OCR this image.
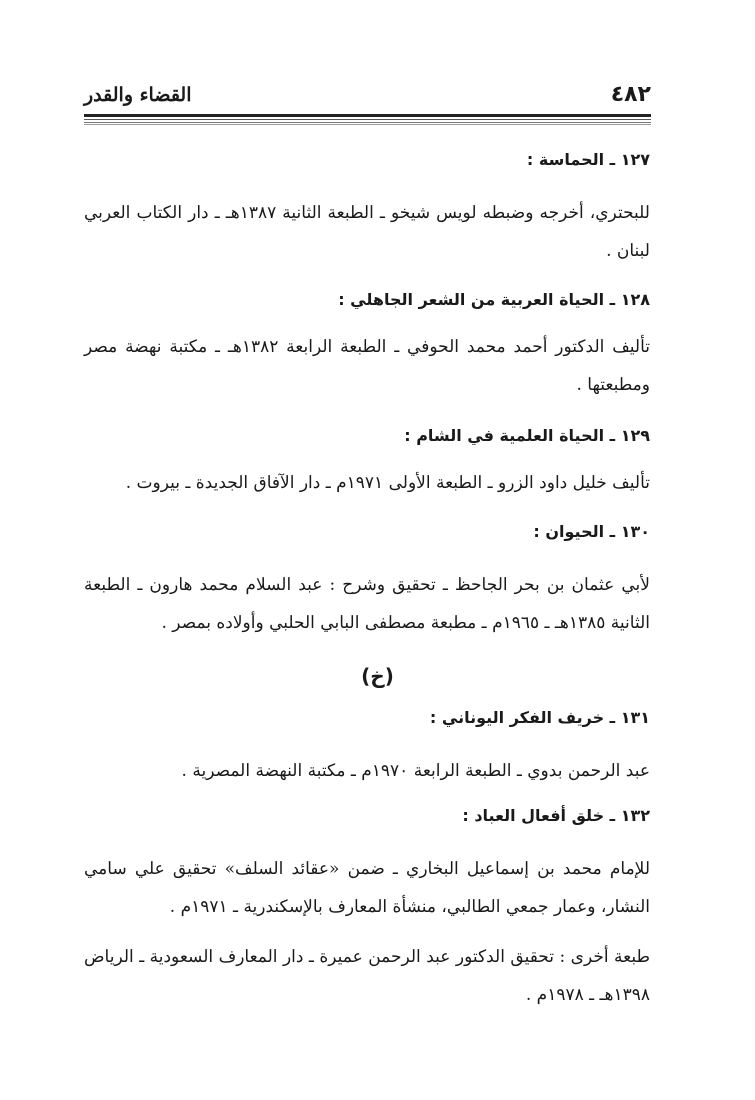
٤٨٢
القضاء والقدر
١٢٧ ـ الحماسة :
للبحتري، أخرجه وضبطه لويس شيخو ـ الطبعة الثانية ١٣٨٧هـ ـ دار الكتاب العربي لبنان .
١٢٨ ـ الحياة العربية من الشعر الجاهلي :
تأليف الدكتور أحمد محمد الحوفي ـ الطبعة الرابعة ١٣٨٢هـ ـ مكتبة نهضة مصر ومطبعتها .
١٢٩ ـ الحياة العلمية في الشام :
تأليف خليل داود الزرو ـ الطبعة الأولى ١٩٧١م ـ دار الآفاق الجديدة ـ بيروت .
١٣٠ ـ الحيوان :
لأبي عثمان بن بحر الجاحظ ـ تحقيق وشرح : عبد السلام محمد هارون ـ الطبعة الثانية ١٣٨٥هـ ـ ١٩٦٥م ـ مطبعة مصطفى البابي الحلبي وأولاده بمصر .
١٣١ ـ خريف الفكر اليوناني :
عبد الرحمن بدوي ـ الطبعة الرابعة ١٩٧٠م ـ مكتبة النهضة المصرية .
١٣٢ ـ خلق أفعال العباد :
للإمام محمد بن إسماعيل البخاري ـ ضمن «عقائد السلف» تحقيق علي سامي النشار، وعمار جمعي الطالبي، منشأة المعارف بالإسكندرية ـ ١٩٧١م .
طبعة أخرى : تحقيق الدكتور عبد الرحمن عميرة ـ دار المعارف السعودية ـ الرياض ١٣٩٨هـ ـ ١٩٧٨م .
(خ)
